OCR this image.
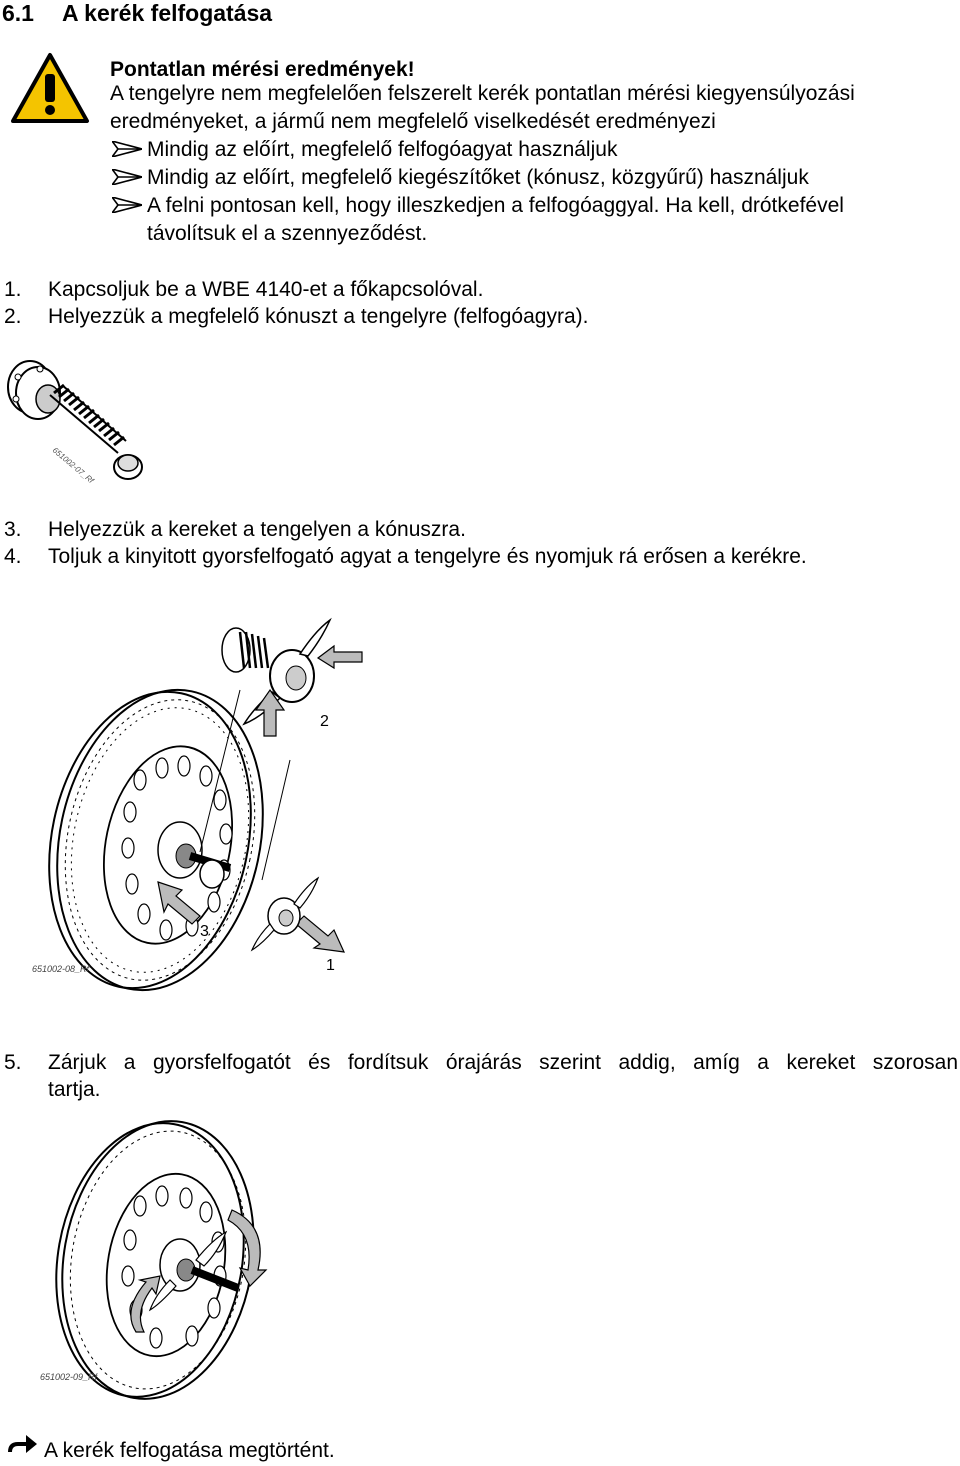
6.1 A kerék felfogatása
Pontatlan mérési eredmények!
A tengelyre nem megfelelően felszerelt kerék pontatlan mérési kiegyensúlyozási
eredményeket, a jármű nem megfelelő viselkedését eredményezi
Mindig az előírt, megfelelő felfogóagyat használjuk
Mindig az előírt, megfelelő kiegészítőket (kónusz, közgyűrű) használjuk
A felni pontosan kell, hogy illeszkedjen a felfogóaggyal. Ha kell, drótkefével
távolítsuk el a szennyeződést.
1. Kapcsoljuk be a WBE 4140-et a főkapcsolóval.
2. Helyezzük a megfelelő kónuszt a tengelyre (felfogóagyra).
651002-07_Rf
3. Helyezzük a kereket a tengelyen a kónuszra.
4. Toljuk a kinyitott gyorsfelfogató agyat a tengelyre és nyomjuk rá erősen a kerékre.
2
3
1
651002-08_Rf
5. Zárjuk a gyorsfelfogatót és fordítsuk órajárás szerint addig, amíg a kereket szorosan
tartja.
651002-09_Rf
A kerék felfogatása megtörtént.
